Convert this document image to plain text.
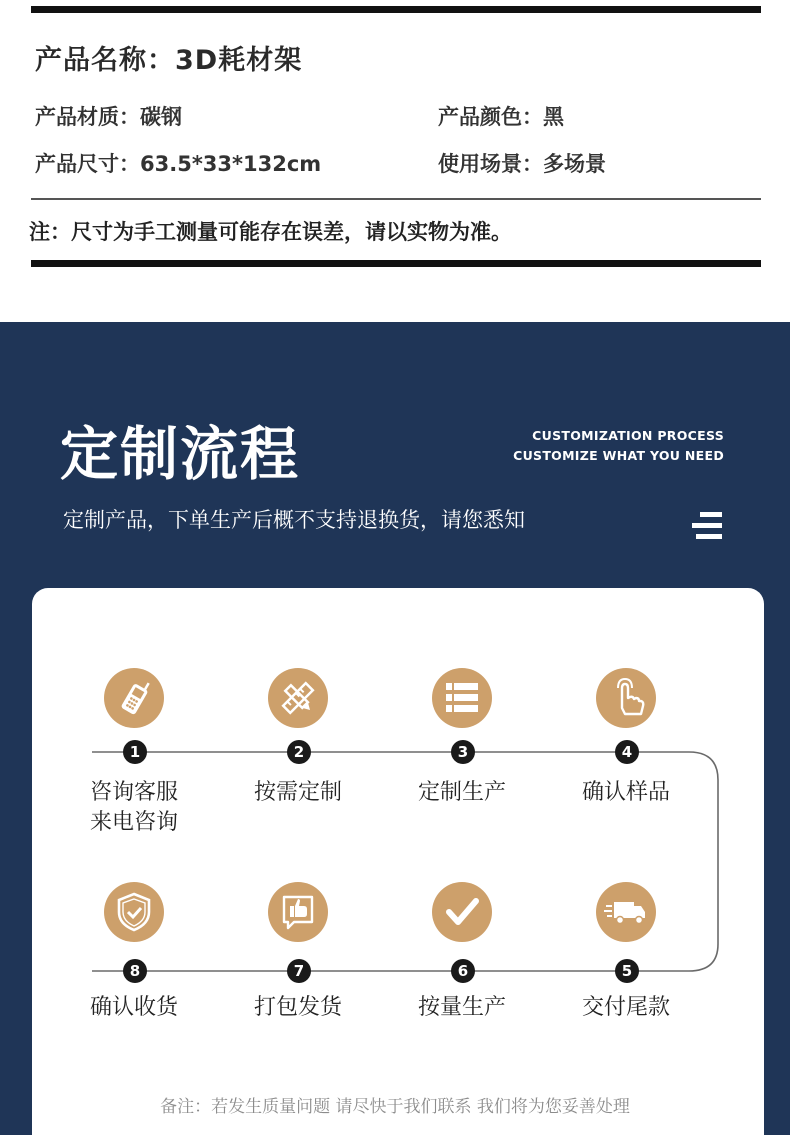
产品名称：3D耗材架
产品材质：碳钢	产品颜色：黑
产品尺寸：63.5*33*132cm	使用场景：多场景
注：尺寸为手工测量可能存在误差，请以实物为准。
定制流程	CUSTOMIZATION PROCESS
CUSTOMIZE WHAT YOU NEED
定制产品，下单生产后概不支持退换货，请您悉知
1
咨询客服
来电咨询
2
按需定制
3
定制生产
4
确认样品
8
确认收货
7
打包发货
6
按量生产
5
交付尾款
备注：若发生质量问题 请尽快于我们联系 我们将为您妥善处理
